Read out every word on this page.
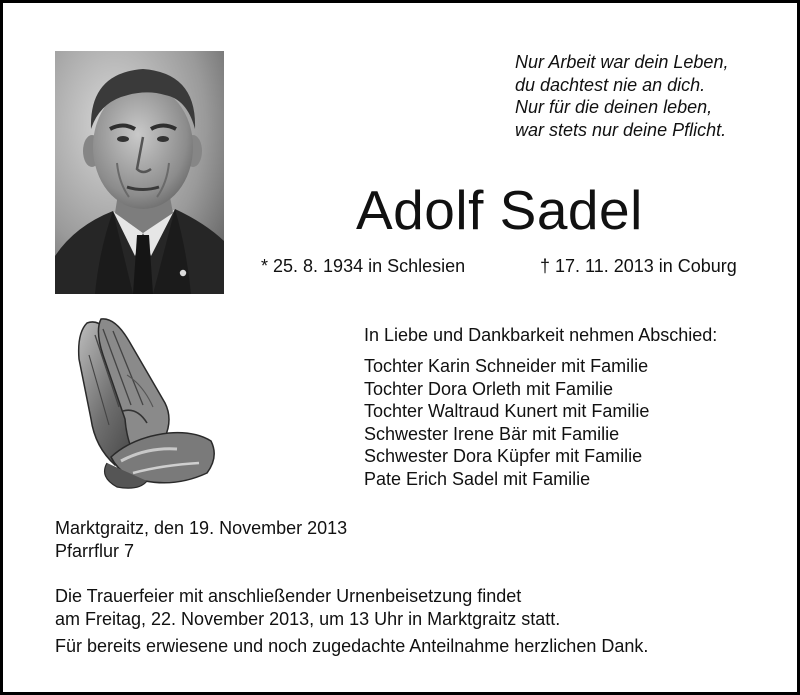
Nur Arbeit war dein Leben,
du dachtest nie an dich.
Nur für die deinen leben,
war stets nur deine Pflicht.
Adolf Sadel
* 25. 8. 1934 in Schlesien	† 17. 11. 2013 in Coburg
In Liebe und Dankbarkeit nehmen Abschied:
Tochter Karin Schneider mit Familie
Tochter Dora Orleth mit Familie
Tochter Waltraud Kunert mit Familie
Schwester Irene Bär mit Familie
Schwester Dora Küpfer mit Familie
Pate Erich Sadel mit Familie
Marktgraitz, den 19. November 2013
Pfarrflur 7
Die Trauerfeier mit anschließender Urnenbeisetzung findet
am Freitag, 22. November 2013, um 13 Uhr in Marktgraitz statt.
Für bereits erwiesene und noch zugedachte Anteilnahme herzlichen Dank.
